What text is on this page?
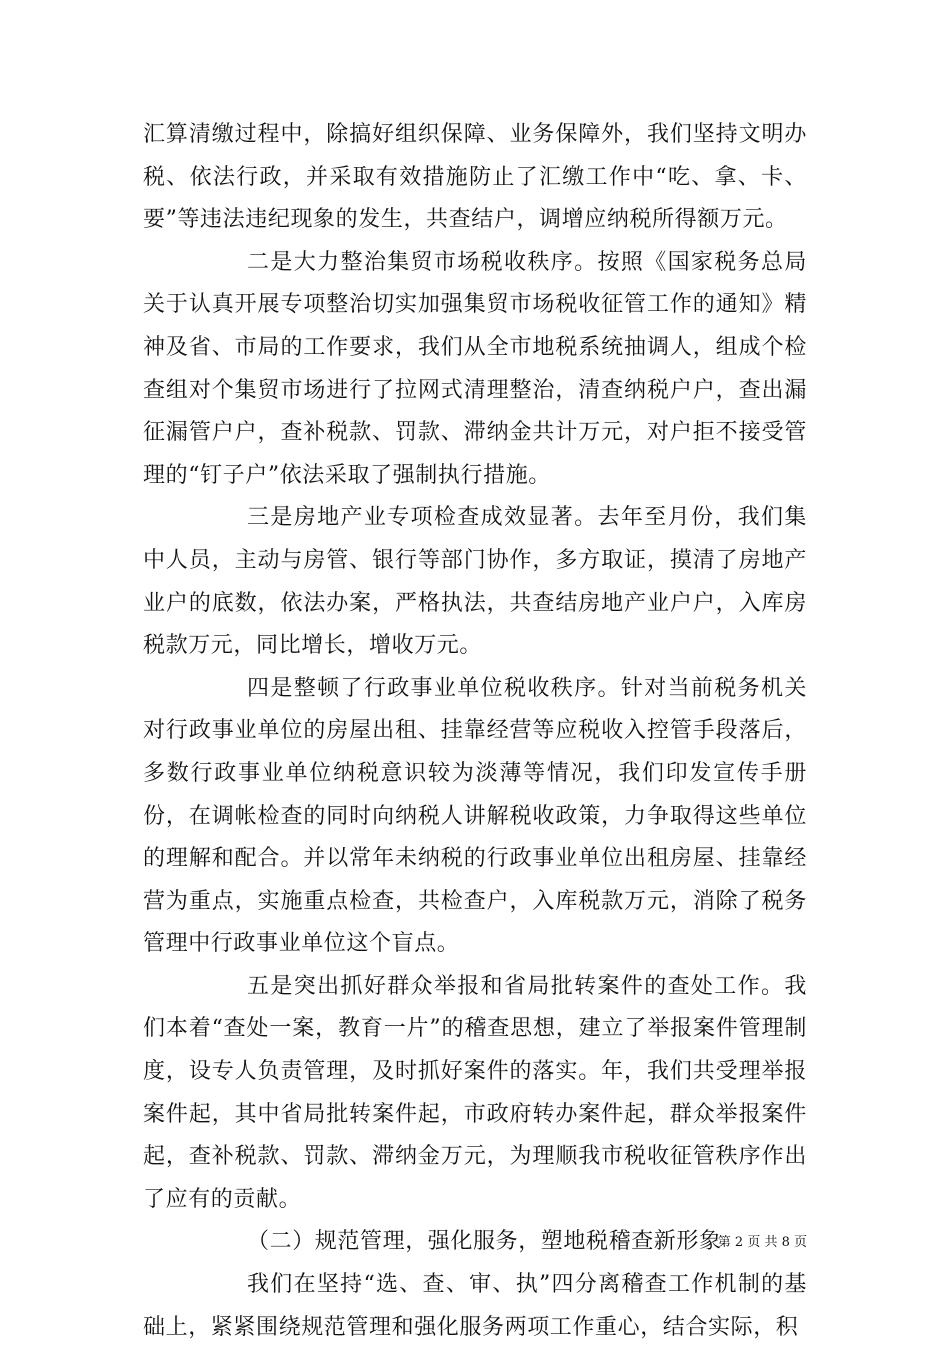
汇算清缴过程中，除搞好组织保障、业务保障外，我们坚持文明办税、依法行政，并采取有效措施防止了汇缴工作中“吃、拿、卡、要”等违法违纪现象的发生，共查结户，调增应纳税所得额万元。

二是大力整治集贸市场税收秩序。按照《国家税务总局关于认真开展专项整治切实加强集贸市场税收征管工作的通知》精神及省、市局的工作要求，我们从全市地税系统抽调人，组成个检查组对个集贸市场进行了拉网式清理整治，清查纳税户户，查出漏征漏管户户，查补税款、罚款、滞纳金共计万元，对户拒不接受管理的“钉子户”依法采取了强制执行措施。

三是房地产业专项检查成效显著。去年至月份，我们集中人员，主动与房管、银行等部门协作，多方取证，摸清了房地产业户的底数，依法办案，严格执法，共查结房地产业户户，入库房税款万元，同比增长，增收万元。

四是整顿了行政事业单位税收秩序。针对当前税务机关对行政事业单位的房屋出租、挂靠经营等应税收入控管手段落后，多数行政事业单位纳税意识较为淡薄等情况，我们印发宣传手册份，在调帐检查的同时向纳税人讲解税收政策，力争取得这些单位的理解和配合。并以常年未纳税的行政事业单位出租房屋、挂靠经营为重点，实施重点检查，共检查户，入库税款万元，消除了税务管理中行政事业单位这个盲点。

五是突出抓好群众举报和省局批转案件的查处工作。我们本着“查处一案，教育一片”的稽查思想，建立了举报案件管理制度，设专人负责管理，及时抓好案件的落实。年，我们共受理举报案件起，其中省局批转案件起，市政府转办案件起，群众举报案件起，查补税款、罚款、滞纳金万元，为理顺我市税收征管秩序作出了应有的贡献。

（二）规范管理，强化服务，塑地税稽查新形象

我们在坚持“选、查、审、执”四分离稽查工作机制的基础上，紧紧围绕规范管理和强化服务两项工作重心，结合实际，积

第 2 页 共 8 页
